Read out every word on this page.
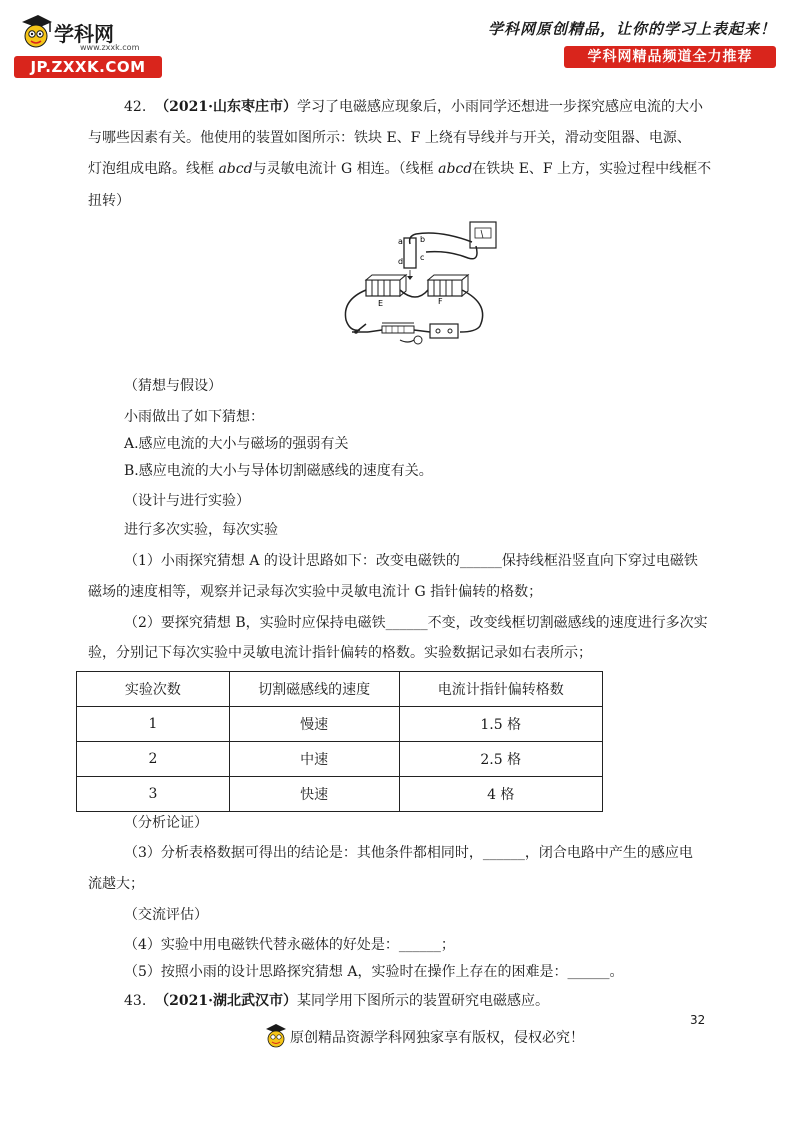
学科网
www.zxxk.com
JP.ZXXK.COM
学科网原创精品，让你的学习上表起来！
学科网精品频道全力推荐
42. （2021·山东枣庄市）学习了电磁感应现象后，小雨同学还想进一步探究感应电流的大小
与哪些因素有关。他使用的装置如图所示：铁块 E、F 上绕有导线并与开关，滑动变阻器、电源、
灯泡组成电路。线框 abcd与灵敏电流计 G 相连。（线框 abcd在铁块 E、F 上方，实验过程中线框不
扭转）
a b
c
d
E	F
（猜想与假设）
小雨做出了如下猜想：
A.感应电流的大小与磁场的强弱有关
B.感应电流的大小与导体切割磁感线的速度有关。
（设计与进行实验）
进行多次实验，每次实验
（1）小雨探究猜想 A 的设计思路如下：改变电磁铁的______保持线框沿竖直向下穿过电磁铁
磁场的速度相等，观察并记录每次实验中灵敏电流计 G 指针偏转的格数；
（2）要探究猜想 B，实验时应保持电磁铁______不变，改变线框切割磁感线的速度进行多次实
验，分别记下每次实验中灵敏电流计指针偏转的格数。实验数据记录如右表所示；
实验次数	切割磁感线的速度	电流计指针偏转格数
1	慢速	1.5 格
2	中速	2.5 格
3	快速	4 格
（分析论证）
（3）分析表格数据可得出的结论是：其他条件都相同时，______，闭合电路中产生的感应电
流越大；
（交流评估）
（4）实验中用电磁铁代替永磁体的好处是：______；
（5）按照小雨的设计思路探究猜想 A，实验时在操作上存在的困难是：______。
43. （2021·湖北武汉市）某同学用下图所示的装置研究电磁感应。
32
原创精品资源学科网独家享有版权，侵权必究！
